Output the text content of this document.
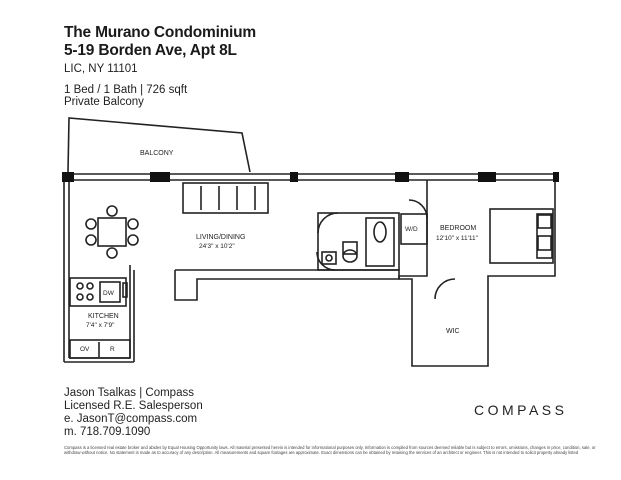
The Murano Condominium
5-19 Borden Ave, Apt 8L
LIC, NY 11101
1 Bed / 1 Bath | 726 sqft
Private Balcony
BALCONY
LIVING/DINING
24'3" x 10'2"
BEDROOM
12'10" x 11'11"
KITCHEN
7'4" x 7'9"
W/D
DW
OV	R
WIC
Jason Tsalkas | Compass
Licensed R.E. Salesperson
e. JasonT@compass.com
m. 718.709.1090
COMPASS
Compass is a licensed real estate broker and abides by Equal Housing Opportunity laws. All material presented herein is intended for informational purposes only. Information is compiled from sources deemed reliable but is subject to errors, omissions, changes in price, condition, sale, or withdraw without notice. No statement is made as to accuracy of any description. All measurements and square footages are approximate. Exact dimensions can be obtained by retaining the services of an architect or engineer. This is not intended to solicit property already listed
